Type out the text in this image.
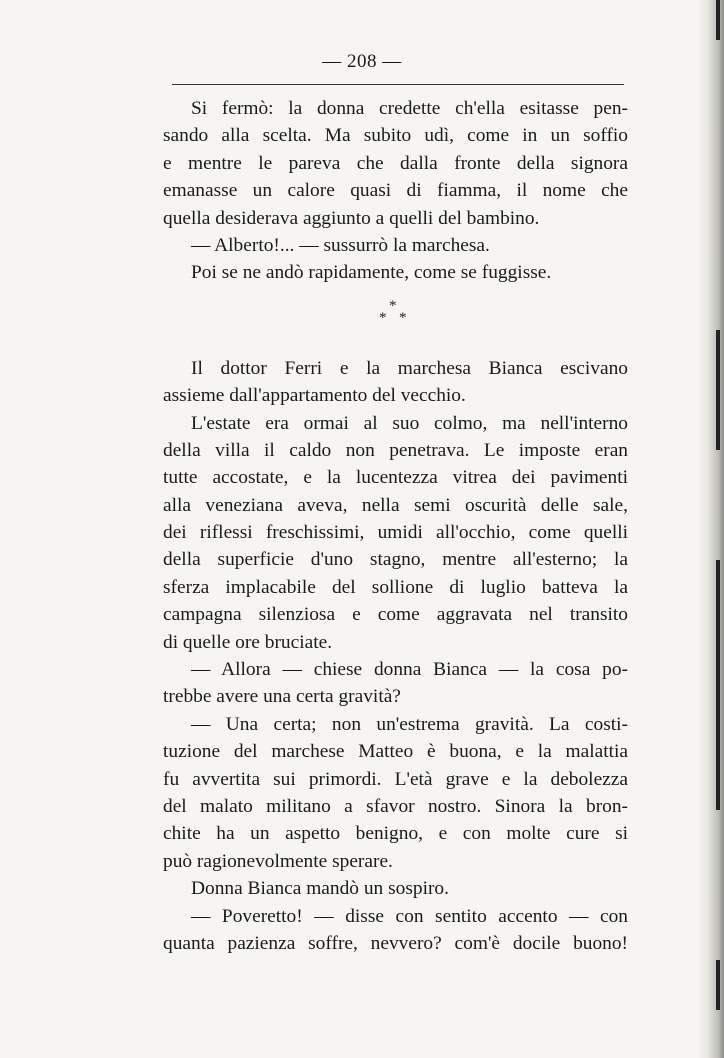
— 208 —
Si fermò: la donna credette ch'ella esitasse pen-
sando alla scelta. Ma subito udì, come in un soffio
e mentre le pareva che dalla fronte della signora
emanasse un calore quasi di fiamma, il nome che
quella desiderava aggiunto a quelli del bambino.
— Alberto!... — sussurrò la marchesa.
Poi se ne andò rapidamente, come se fuggisse.
*
* *
Il dottor Ferri e la marchesa Bianca escivano
assieme dall'appartamento del vecchio.
L'estate era ormai al suo colmo, ma nell'interno
della villa il caldo non penetrava. Le imposte eran
tutte accostate, e la lucentezza vitrea dei pavimenti
alla veneziana aveva, nella semi oscurità delle sale,
dei riflessi freschissimi, umidi all'occhio, come quelli
della superficie d'uno stagno, mentre all'esterno; la
sferza implacabile del sollione di luglio batteva la
campagna silenziosa e come aggravata nel transito
di quelle ore bruciate.
— Allora — chiese donna Bianca — la cosa po-
trebbe avere una certa gravità?
— Una certa; non un'estrema gravità. La costi-
tuzione del marchese Matteo è buona, e la malattia
fu avvertita sui primordi. L'età grave e la debolezza
del malato militano a sfavor nostro. Sinora la bron-
chite ha un aspetto benigno, e con molte cure si
può ragionevolmente sperare.
Donna Bianca mandò un sospiro.
— Poveretto! — disse con sentito accento — con
quanta pazienza soffre, nevvero? com'è docile buono!
